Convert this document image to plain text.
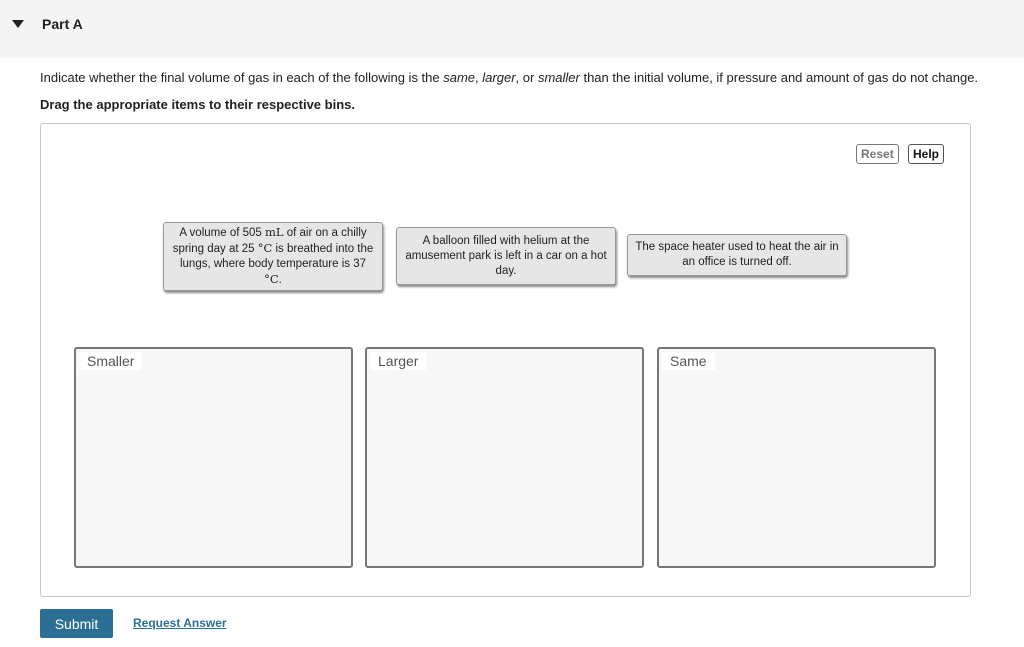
Part A
Indicate whether the final volume of gas in each of the following is the same, larger, or smaller than the initial volume, if pressure and amount of gas do not change.
Drag the appropriate items to their respective bins.
Reset	Help
A volume of 505 mL of air on a chilly spring day at 25 °C is breathed into the lungs, where body temperature is 37 °C.
A balloon filled with helium at the amusement park is left in a car on a hot day.
The space heater used to heat the air in an office is turned off.
Smaller	Larger	Same
Submit	Request Answer
